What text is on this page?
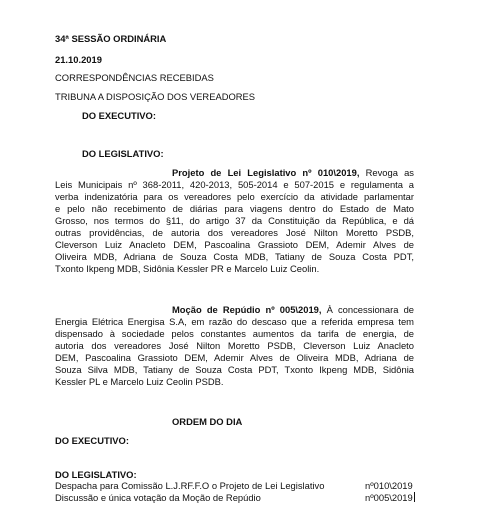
34ª SESSÃO ORDINÁRIA
21.10.2019
CORRESPONDÊNCIAS RECEBIDAS
TRIBUNA A DISPOSIÇÃO DOS VEREADORES
DO EXECUTIVO:
DO LEGISLATIVO:
Projeto de Lei Legislativo nº 010\2019, Revoga as
Leis Municipais nº 368-2011, 420-2013, 505-2014 e 507-2015 e regulamenta a
verba indenizatória para os vereadores pelo exercício da atividade parlamentar
e pelo não recebimento de diárias para viagens dentro do Estado de Mato
Grosso, nos termos do §11, do artigo 37 da Constituição da República, e dá
outras providências, de autoria dos vereadores José Nilton Moretto PSDB,
Cleverson Luiz Anacleto DEM, Pascoalina Grassioto DEM, Ademir Alves de
Oliveira MDB, Adriana de Souza Costa MDB, Tatiany de Souza Costa PDT,
Txonto Ikpeng MDB, Sidônia Kessler PR e Marcelo Luiz Ceolin.
Moção de Repúdio nº 005\2019, À concessionara de
Energia Elétrica Energisa S.A, em razão do descaso que a referida empresa tem
dispensado à sociedade pelos constantes aumentos da tarifa de energia, de
autoria dos vereadores José Nilton Moretto PSDB, Cleverson Luiz Anacleto
DEM, Pascoalina Grassioto DEM, Ademir Alves de Oliveira MDB, Adriana de
Souza Silva MDB, Tatiany de Souza Costa PDT, Txonto Ikpeng MDB, Sidônia
Kessler PL e Marcelo Luiz Ceolin PSDB.
ORDEM DO DIA
DO EXECUTIVO:
DO LEGISLATIVO:
Despacha para Comissão L.J.RF.F.O o Projeto de Lei Legislativo	nº010\2019
Discussão e única votação da Moção de Repúdio	nº005\2019
